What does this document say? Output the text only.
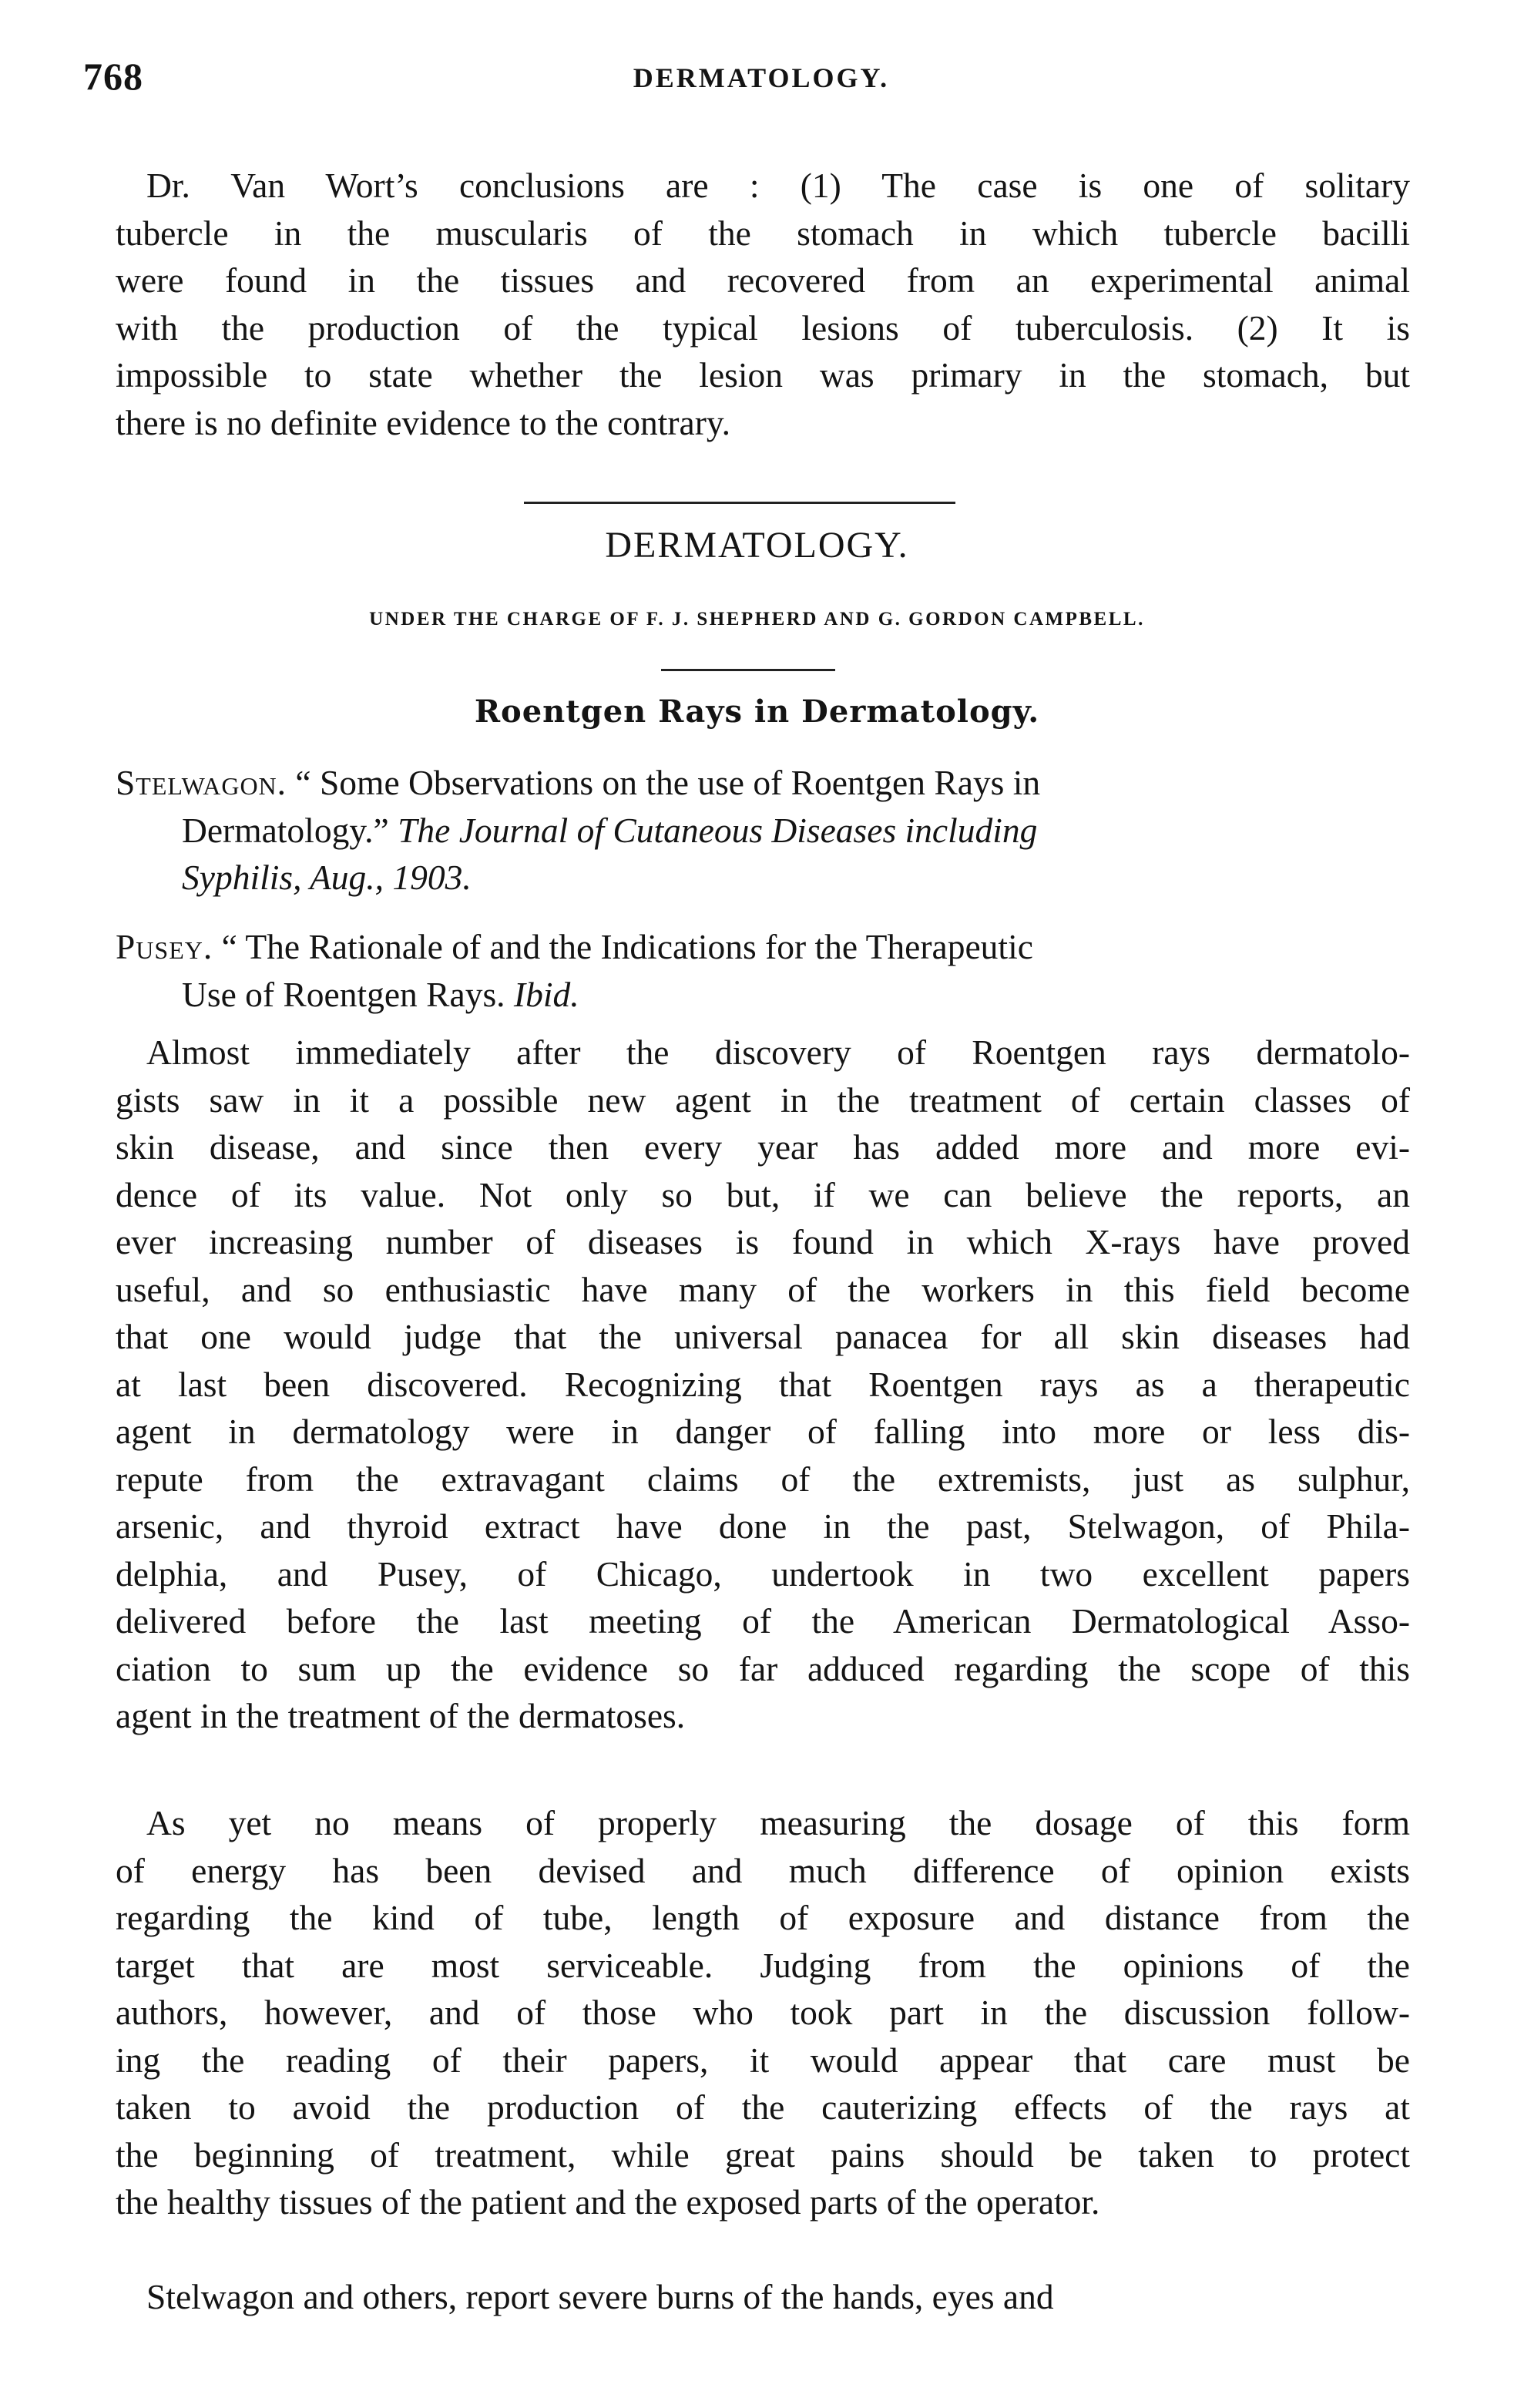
768	DERMATOLOGY.
Dr. Van Wort’s conclusions are : (1) The case is one of solitary
tubercle in the muscularis of the stomach in which tubercle bacilli
were found in the tissues and recovered from an experimental animal
with the production of the typical lesions of tuberculosis. (2) It is
impossible to state whether the lesion was primary in the stomach, but
there is no definite evidence to the contrary.
DERMATOLOGY.
UNDER THE CHARGE OF F. J. SHEPHERD AND G. GORDON CAMPBELL.
Roentgen Rays in Dermatology.
Stelwagon. “ Some Observations on the use of Roentgen Rays in
Dermatology.” The Journal of Cutaneous Diseases including
Syphilis, Aug., 1903.
Pusey. “ The Rationale of and the Indications for the Therapeutic
Use of Roentgen Rays. Ibid.
Almost immediately after the discovery of Roentgen rays dermatolo-
gists saw in it a possible new agent in the treatment of certain classes of
skin disease, and since then every year has added more and more evi-
dence of its value. Not only so but, if we can believe the reports, an
ever increasing number of diseases is found in which X-rays have proved
useful, and so enthusiastic have many of the workers in this field become
that one would judge that the universal panacea for all skin diseases had
at last been discovered. Recognizing that Roentgen rays as a therapeutic
agent in dermatology were in danger of falling into more or less dis-
repute from the extravagant claims of the extremists, just as sulphur,
arsenic, and thyroid extract have done in the past, Stelwagon, of Phila-
delphia, and Pusey, of Chicago, undertook in two excellent papers
delivered before the last meeting of the American Dermatological Asso-
ciation to sum up the evidence so far adduced regarding the scope of this
agent in the treatment of the dermatoses.
As yet no means of properly measuring the dosage of this form
of energy has been devised and much difference of opinion exists
regarding the kind of tube, length of exposure and distance from the
target that are most serviceable. Judging from the opinions of the
authors, however, and of those who took part in the discussion follow-
ing the reading of their papers, it would appear that care must be
taken to avoid the production of the cauterizing effects of the rays at
the beginning of treatment, while great pains should be taken to protect
the healthy tissues of the patient and the exposed parts of the operator.
Stelwagon and others, report severe burns of the hands, eyes and
